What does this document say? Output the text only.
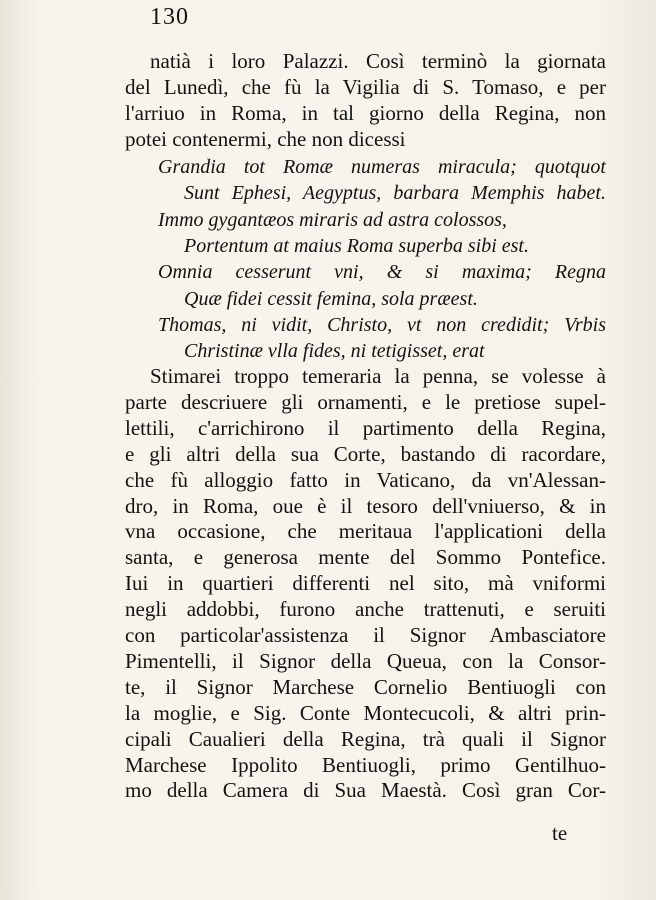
130
natià i loro Palazzi. Così terminò la giornata
del Lunedì, che fù la Vigilia di S. Tomaso, e per
l'arriuo in Roma, in tal giorno della Regina, non
potei contenermi, che non dicessi
Grandia tot Romæ numeras miracula; quotquot
Sunt Ephesi, Aegyptus, barbara Memphis habet.
Immo gygantæos miraris ad astra colossos,
Portentum at maius Roma superba sibi est.
Omnia cesserunt vni, & si maxima; Regna
Quæ fidei cessit femina, sola præest.
Thomas, ni vidit, Christo, vt non credidit; Vrbis
Christinæ vlla fides, ni tetigisset, erat
Stimarei troppo temeraria la penna, se volesse à
parte descriuere gli ornamenti, e le pretiose supel-
lettili, c'arrichirono il partimento della Regina,
e gli altri della sua Corte, bastando di racordare,
che fù alloggio fatto in Vaticano, da vn'Alessan-
dro, in Roma, oue è il tesoro dell'vniuerso, & in
vna occasione, che meritaua l'applicationi della
santa, e generosa mente del Sommo Pontefice.
Iui in quartieri differenti nel sito, mà vniformi
negli addobbi, furono anche trattenuti, e seruiti
con particolar'assistenza il Signor Ambasciatore
Pimentelli, il Signor della Queua, con la Consor-
te, il Signor Marchese Cornelio Bentiuogli con
la moglie, e Sig. Conte Montecucoli, & altri prin-
cipali Caualieri della Regina, trà quali il Signor
Marchese Ippolito Bentiuogli, primo Gentilhuo-
mo della Camera di Sua Maestà. Così gran Cor-
te
